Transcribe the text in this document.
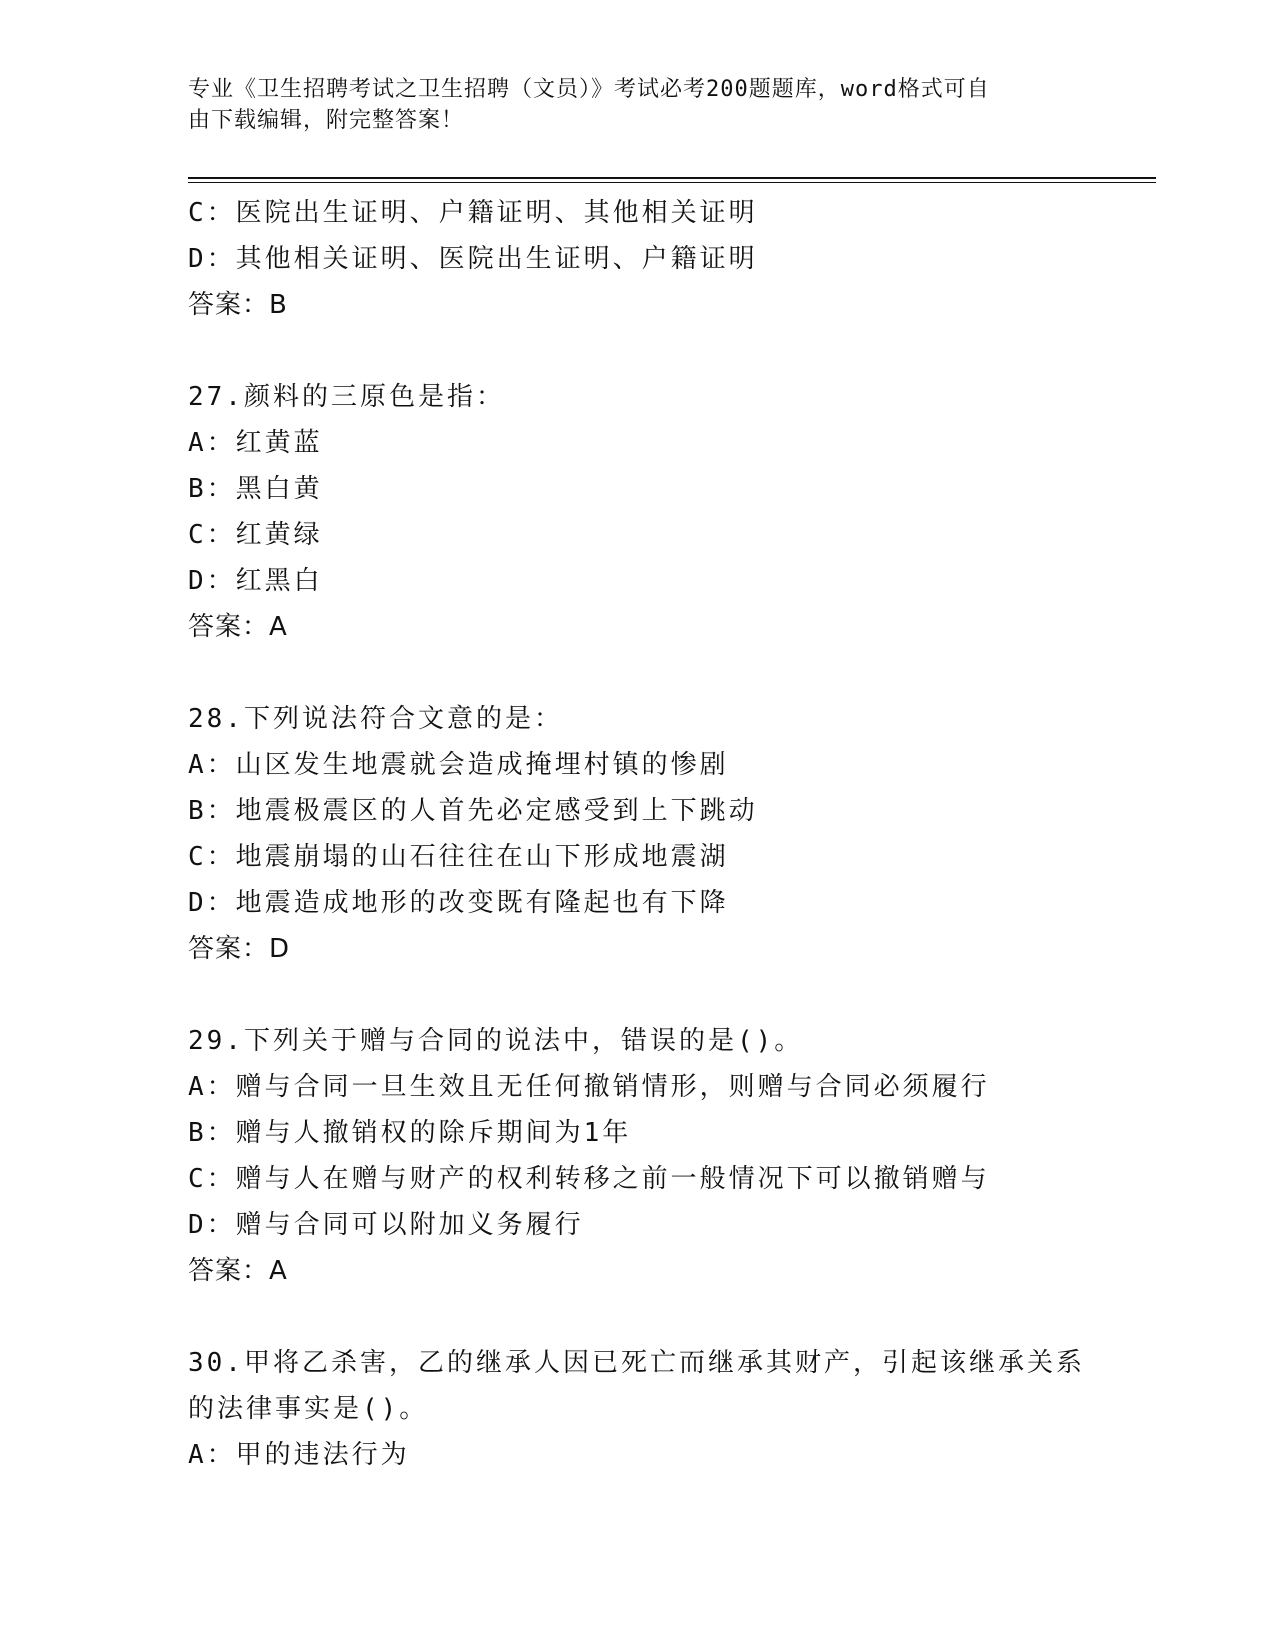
专业《卫生招聘考试之卫生招聘（文员）》考试必考200题题库，word格式可自
由下载编辑，附完整答案！
C：医院出生证明、户籍证明、其他相关证明
D：其他相关证明、医院出生证明、户籍证明
答案：B
27.颜料的三原色是指：
A：红黄蓝
B：黑白黄
C：红黄绿
D：红黑白
答案：A
28.下列说法符合文意的是：
A：山区发生地震就会造成掩埋村镇的惨剧
B：地震极震区的人首先必定感受到上下跳动
C：地震崩塌的山石往往在山下形成地震湖
D：地震造成地形的改变既有隆起也有下降
答案：D
29.下列关于赠与合同的说法中，错误的是()。
A：赠与合同一旦生效且无任何撤销情形，则赠与合同必须履行
B：赠与人撤销权的除斥期间为1年
C：赠与人在赠与财产的权利转移之前一般情况下可以撤销赠与
D：赠与合同可以附加义务履行
答案：A
30.甲将乙杀害，乙的继承人因已死亡而继承其财产，引起该继承关系
的法律事实是()。
A：甲的违法行为
